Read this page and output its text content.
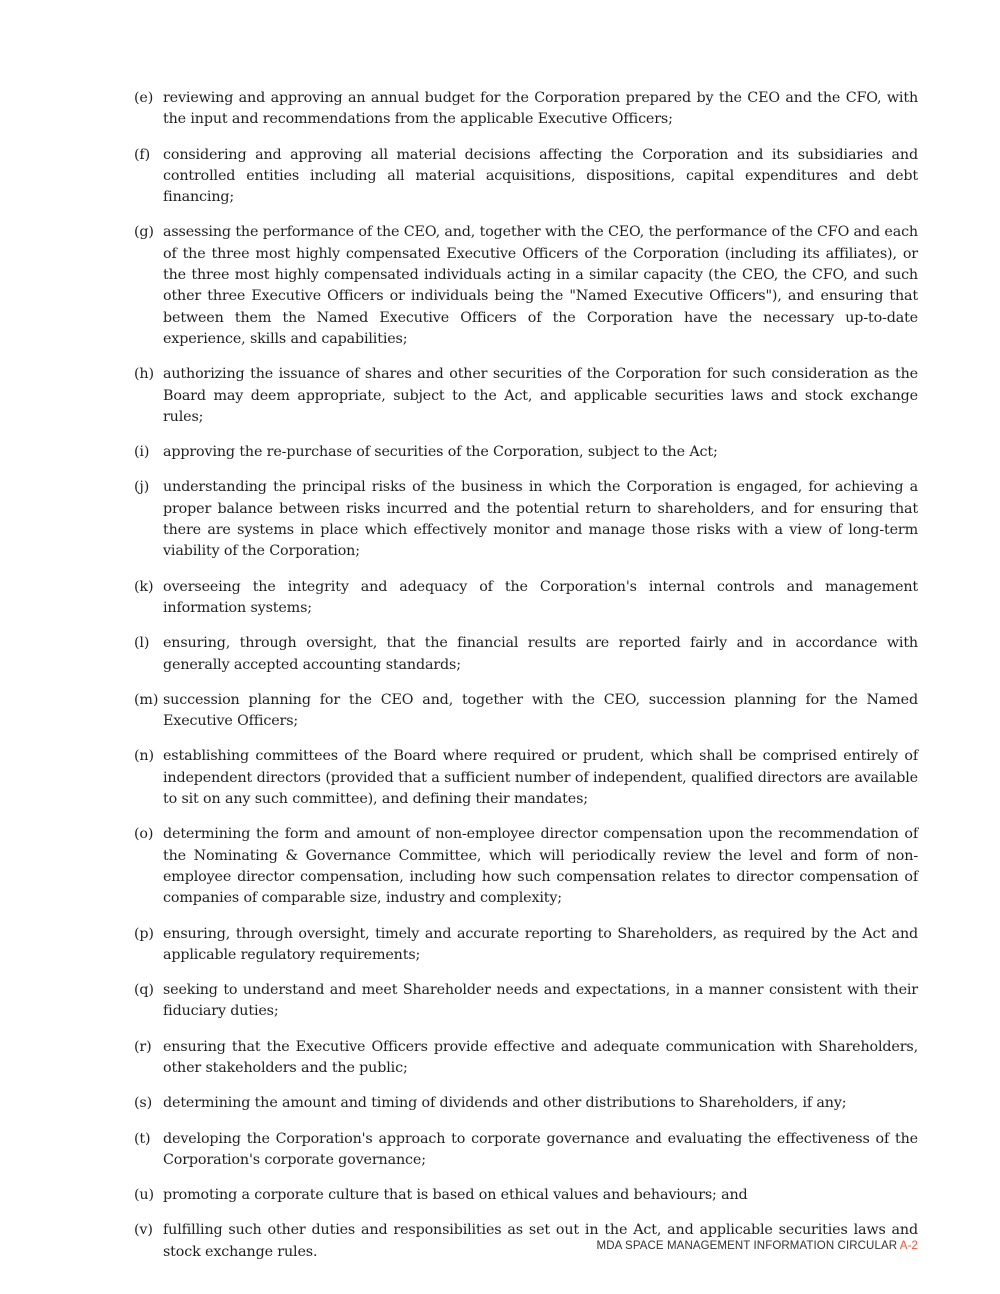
(e) reviewing and approving an annual budget for the Corporation prepared by the CEO and the CFO, with the input and recommendations from the applicable Executive Officers;
(f) considering and approving all material decisions affecting the Corporation and its subsidiaries and controlled entities including all material acquisitions, dispositions, capital expenditures and debt financing;
(g) assessing the performance of the CEO, and, together with the CEO, the performance of the CFO and each of the three most highly compensated Executive Officers of the Corporation (including its affiliates), or the three most highly compensated individuals acting in a similar capacity (the CEO, the CFO, and such other three Executive Officers or individuals being the "Named Executive Officers"), and ensuring that between them the Named Executive Officers of the Corporation have the necessary up-to-date experience, skills and capabilities;
(h) authorizing the issuance of shares and other securities of the Corporation for such consideration as the Board may deem appropriate, subject to the Act, and applicable securities laws and stock exchange rules;
(i) approving the re-purchase of securities of the Corporation, subject to the Act;
(j) understanding the principal risks of the business in which the Corporation is engaged, for achieving a proper balance between risks incurred and the potential return to shareholders, and for ensuring that there are systems in place which effectively monitor and manage those risks with a view of long-term viability of the Corporation;
(k) overseeing the integrity and adequacy of the Corporation's internal controls and management information systems;
(l) ensuring, through oversight, that the financial results are reported fairly and in accordance with generally accepted accounting standards;
(m) succession planning for the CEO and, together with the CEO, succession planning for the Named Executive Officers;
(n) establishing committees of the Board where required or prudent, which shall be comprised entirely of independent directors (provided that a sufficient number of independent, qualified directors are available to sit on any such committee), and defining their mandates;
(o) determining the form and amount of non-employee director compensation upon the recommendation of the Nominating & Governance Committee, which will periodically review the level and form of non-employee director compensation, including how such compensation relates to director compensation of companies of comparable size, industry and complexity;
(p) ensuring, through oversight, timely and accurate reporting to Shareholders, as required by the Act and applicable regulatory requirements;
(q) seeking to understand and meet Shareholder needs and expectations, in a manner consistent with their fiduciary duties;
(r) ensuring that the Executive Officers provide effective and adequate communication with Shareholders, other stakeholders and the public;
(s) determining the amount and timing of dividends and other distributions to Shareholders, if any;
(t) developing the Corporation's approach to corporate governance and evaluating the effectiveness of the Corporation's corporate governance;
(u) promoting a corporate culture that is based on ethical values and behaviours; and
(v) fulfilling such other duties and responsibilities as set out in the Act, and applicable securities laws and stock exchange rules.	MDA SPACE MANAGEMENT INFORMATION CIRCULAR A-2
